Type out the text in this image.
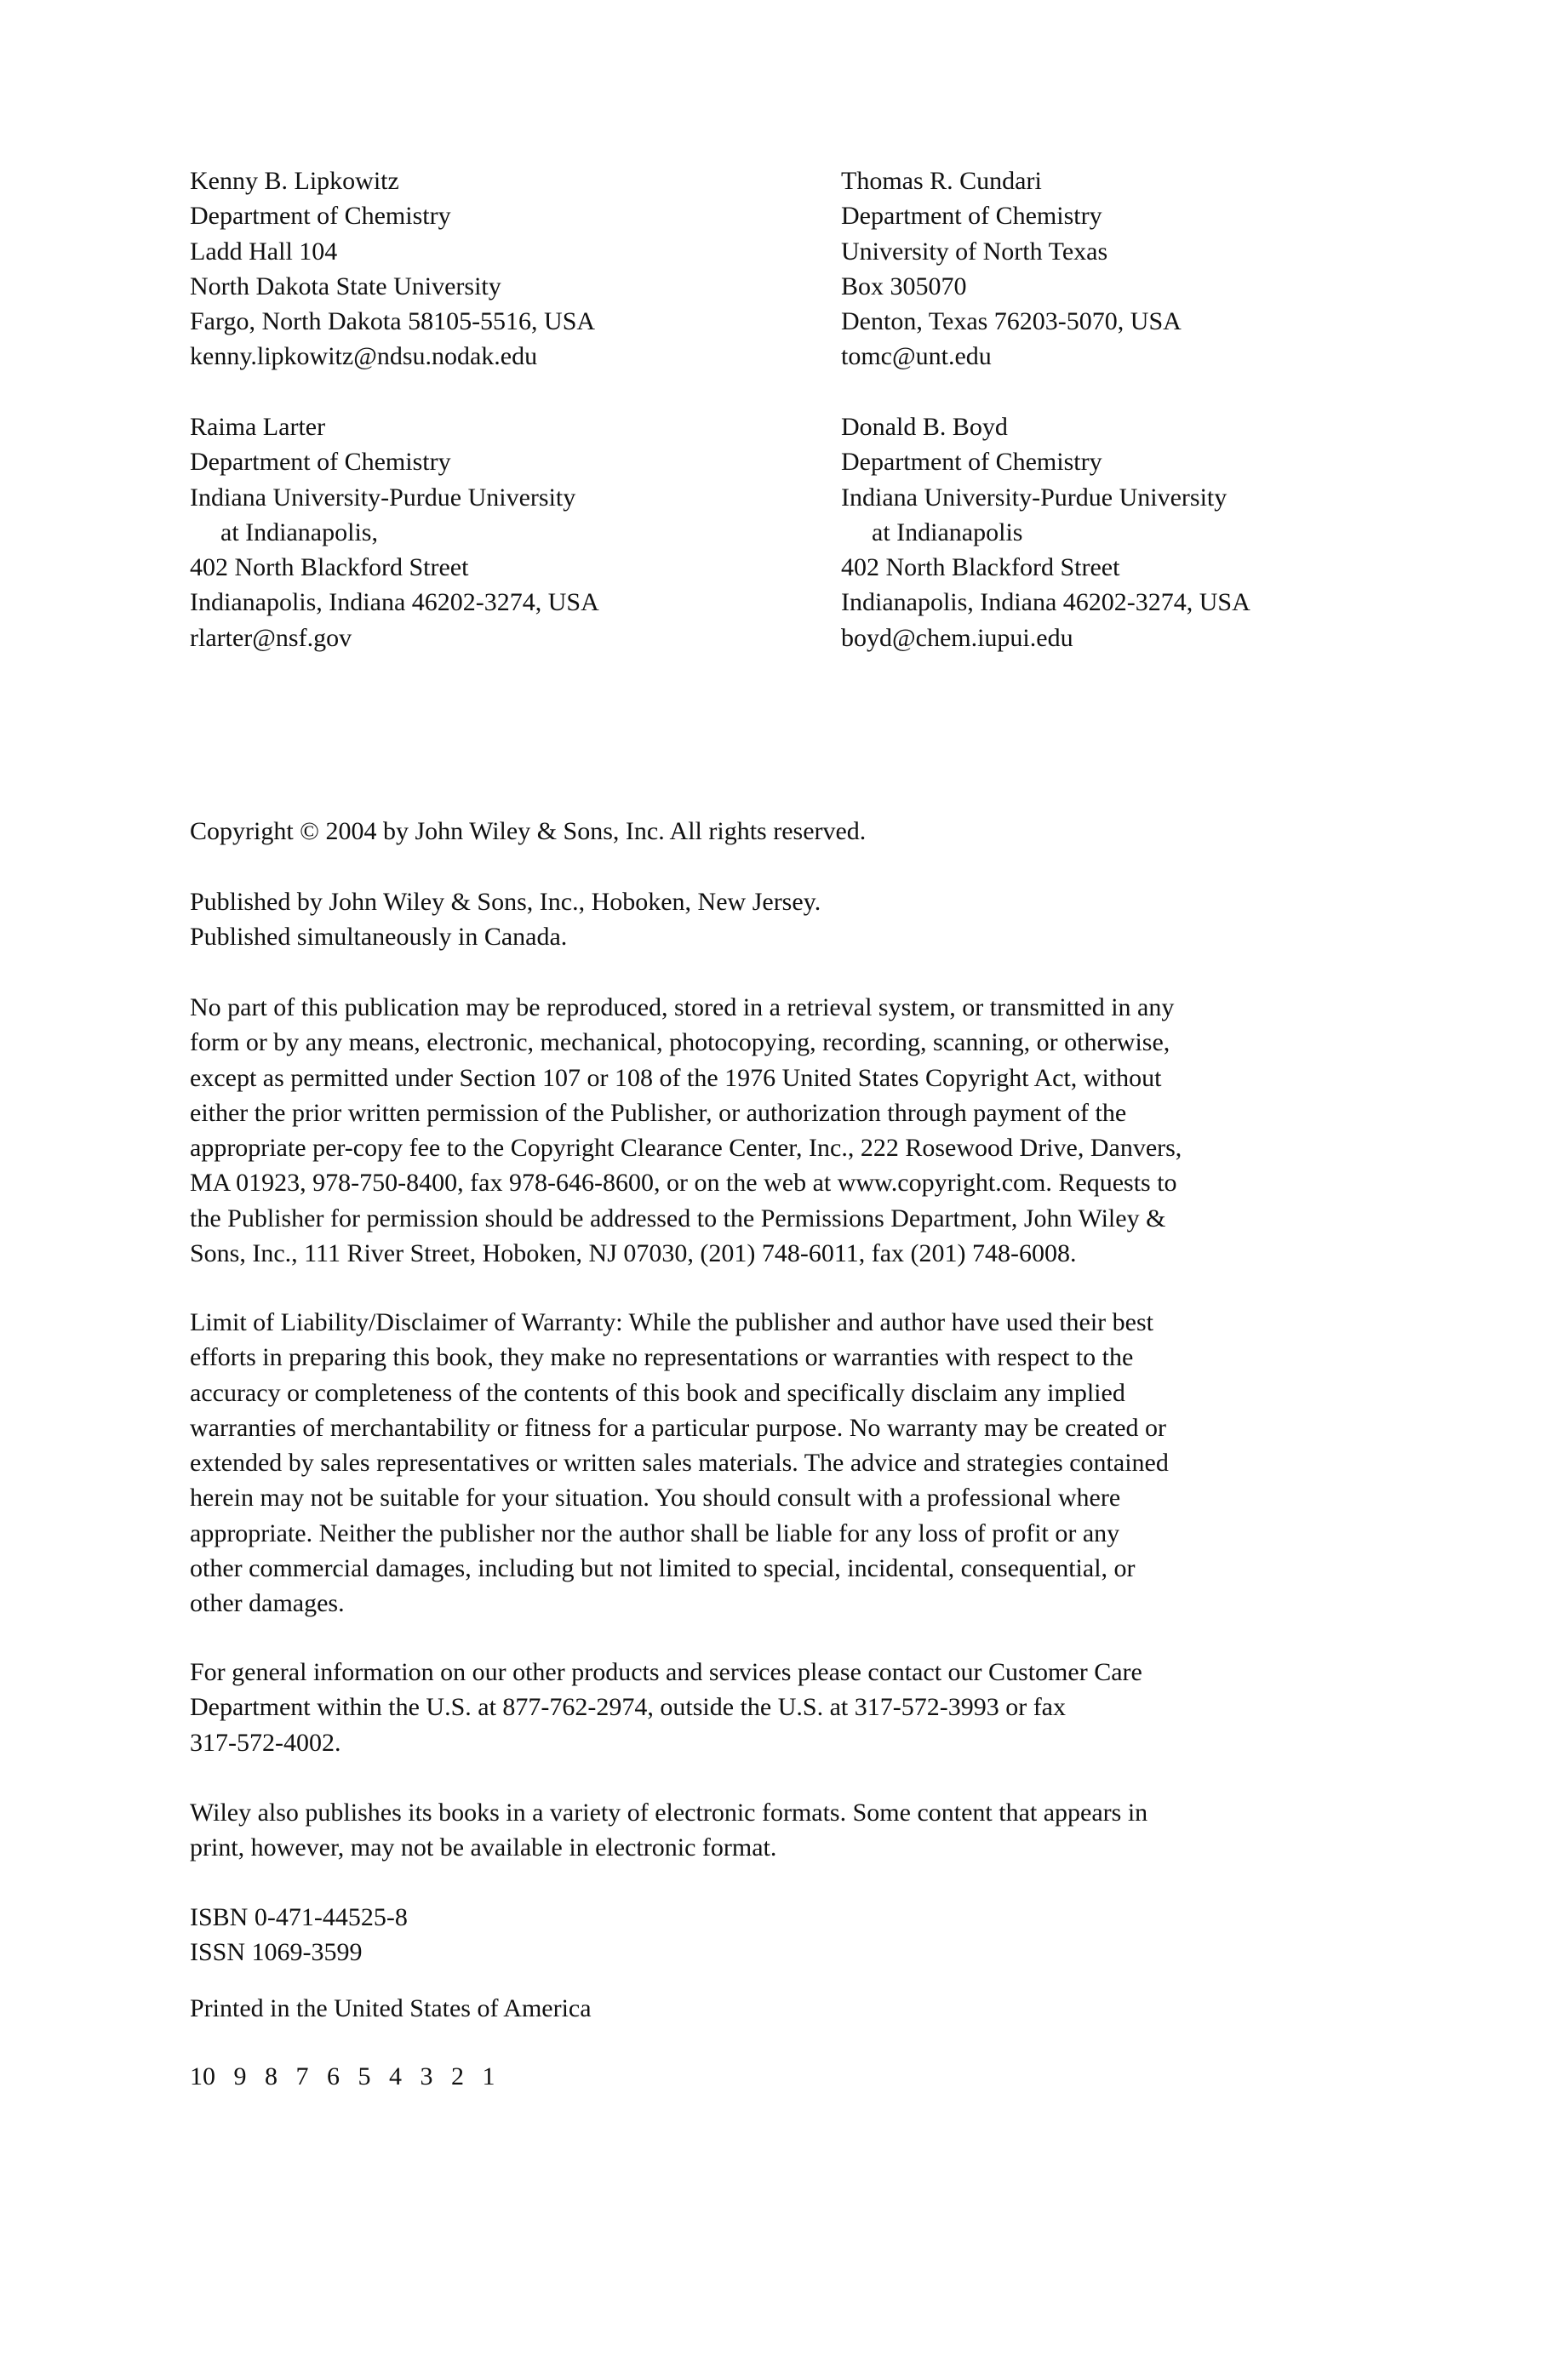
Kenny B. Lipkowitz
Department of Chemistry
Ladd Hall 104
North Dakota State University
Fargo, North Dakota 58105-5516, USA
kenny.lipkowitz@ndsu.nodak.edu
Thomas R. Cundari
Department of Chemistry
University of North Texas
Box 305070
Denton, Texas 76203-5070, USA
tomc@unt.edu
Raima Larter
Department of Chemistry
Indiana University-Purdue University
at Indianapolis,
402 North Blackford Street
Indianapolis, Indiana 46202-3274, USA
rlarter@nsf.gov
Donald B. Boyd
Department of Chemistry
Indiana University-Purdue University
at Indianapolis
402 North Blackford Street
Indianapolis, Indiana 46202-3274, USA
boyd@chem.iupui.edu
Copyright © 2004 by John Wiley & Sons, Inc. All rights reserved.
Published by John Wiley & Sons, Inc., Hoboken, New Jersey.
Published simultaneously in Canada.
No part of this publication may be reproduced, stored in a retrieval system, or transmitted in any
form or by any means, electronic, mechanical, photocopying, recording, scanning, or otherwise,
except as permitted under Section 107 or 108 of the 1976 United States Copyright Act, without
either the prior written permission of the Publisher, or authorization through payment of the
appropriate per-copy fee to the Copyright Clearance Center, Inc., 222 Rosewood Drive, Danvers,
MA 01923, 978-750-8400, fax 978-646-8600, or on the web at www.copyright.com. Requests to
the Publisher for permission should be addressed to the Permissions Department, John Wiley &
Sons, Inc., 111 River Street, Hoboken, NJ 07030, (201) 748-6011, fax (201) 748-6008.
Limit of Liability/Disclaimer of Warranty: While the publisher and author have used their best
efforts in preparing this book, they make no representations or warranties with respect to the
accuracy or completeness of the contents of this book and specifically disclaim any implied
warranties of merchantability or fitness for a particular purpose. No warranty may be created or
extended by sales representatives or written sales materials. The advice and strategies contained
herein may not be suitable for your situation. You should consult with a professional where
appropriate. Neither the publisher nor the author shall be liable for any loss of profit or any
other commercial damages, including but not limited to special, incidental, consequential, or
other damages.
For general information on our other products and services please contact our Customer Care
Department within the U.S. at 877-762-2974, outside the U.S. at 317-572-3993 or fax
317-572-4002.
Wiley also publishes its books in a variety of electronic formats. Some content that appears in
print, however, may not be available in electronic format.
ISBN 0-471-44525-8
ISSN 1069-3599
Printed in the United States of America
10 9 8 7 6 5 4 3 2 1
